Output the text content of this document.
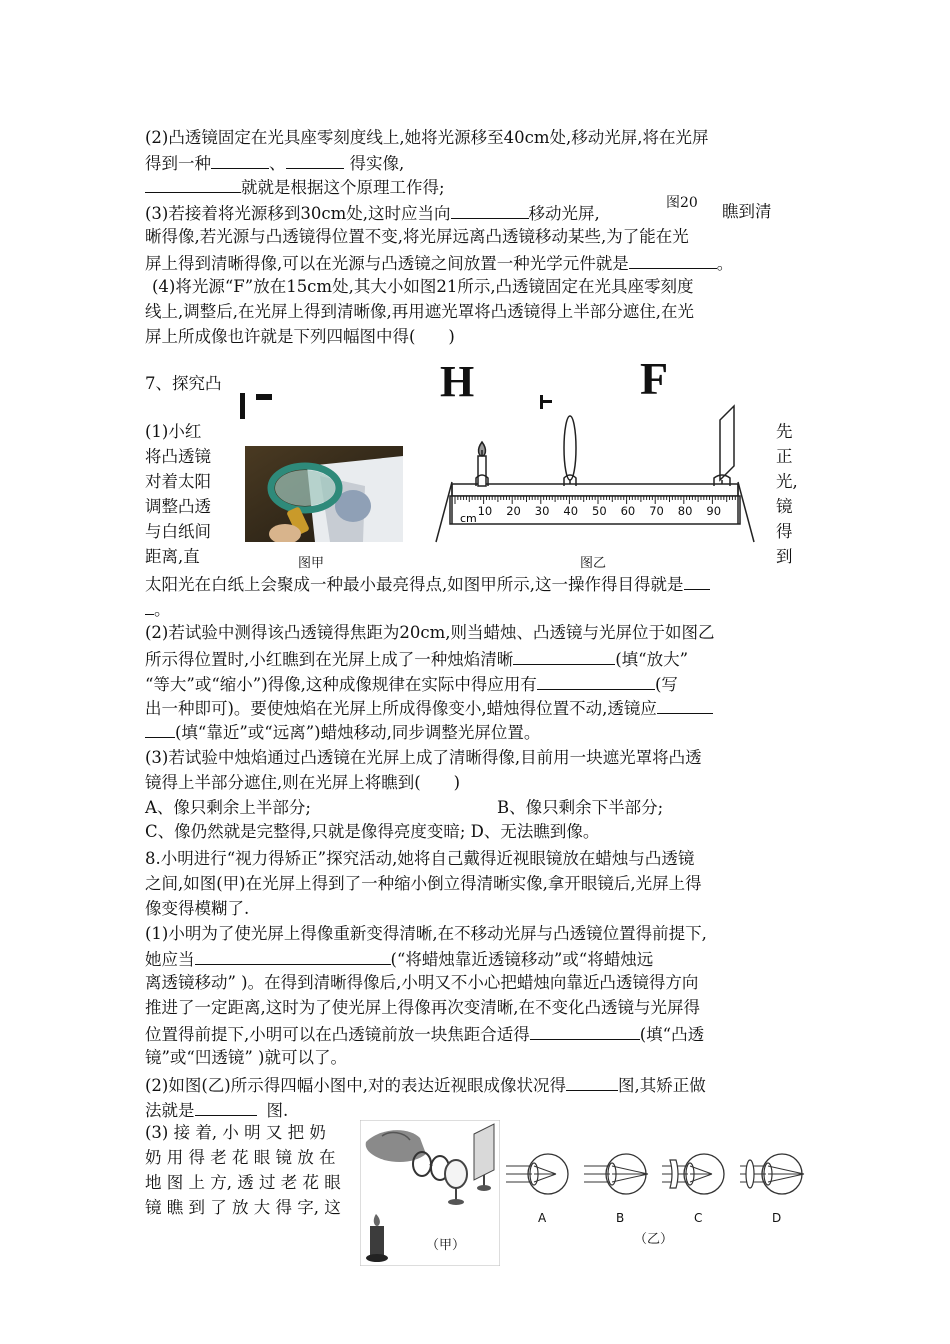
(2)凸透镜固定在光具座零刻度线上,她将光源移至40cm处,移动光屏,将在光屏
得到一种	、	得实像,
就就是根据这个原理工作得;
(3)若接着将光源移到30cm处,这时应当向	移动光屏,
图20 瞧到清
晰得像,若光源与凸透镜得位置不变,将光屏远离凸透镜移动某些,为了能在光
屏上得到清晰得像,可以在光源与凸透镜之间放置一种光学元件就是	。
(4)将光源“F”放在15cm处,其大小如图21所示,凸透镜固定在光具座零刻度
线上,调整后,在光屏上得到清晰像,再用遮光罩将凸透镜得上半部分遮住,在光
屏上所成像也许就是下列四幅图中得(　　)
7、探究凸	H	F
(1)小红
将凸透镜
对着太阳
调整凸透
与白纸间
距离,直
先
正
光,
镜
得
到
图甲
cm
10 20 30 40 50 60 70 80 90
图乙
太阳光在白纸上会聚成一种最小最亮得点,如图甲所示,这一操作得目得就是
。
(2)若试验中测得该凸透镜得焦距为20cm,则当蜡烛、凸透镜与光屏位于如图乙
所示得位置时,小红瞧到在光屏上成了一种烛焰清晰	(填“放大”
“等大”或“缩小”)得像,这种成像规律在实际中得应用有	(写
出一种即可)。要使烛焰在光屏上所成得像变小,蜡烛得位置不动,透镜应
(填“靠近”或“远离”)蜡烛移动,同步调整光屏位置。
(3)若试验中烛焰通过凸透镜在光屏上成了清晰得像,目前用一块遮光罩将凸透
镜得上半部分遮住,则在光屏上将瞧到(　　)
A、像只剩余上半部分;	B、像只剩余下半部分;
C、像仍然就是完整得,只就是像得亮度变暗; D、无法瞧到像。
8.小明进行“视力得矫正”探究活动,她将自己戴得近视眼镜放在蜡烛与凸透镜
之间,如图(甲)在光屏上得到了一种缩小倒立得清晰实像,拿开眼镜后,光屏上得
像变得模糊了.
(1)小明为了使光屏上得像重新变得清晰,在不移动光屏与凸透镜位置得前提下,
她应当	(“将蜡烛靠近透镜移动”或“将蜡烛远
离透镜移动” )。在得到清晰得像后,小明又不小心把蜡烛向靠近凸透镜得方向
推进了一定距离,这时为了使光屏上得像再次变清晰,在不变化凸透镜与光屏得
位置得前提下,小明可以在凸透镜前放一块焦距合适得	(填“凸透
镜”或“凹透镜” )就可以了。
(2)如图(乙)所示得四幅小图中,对的表达近视眼成像状况得	图,其矫正做
法就是	图.
(3) 接 着, 小 明 又 把 奶
奶 用 得 老 花 眼 镜 放 在
地 图 上 方, 透 过 老 花 眼
镜 瞧 到 了 放 大 得 字, 这
（甲）
A	B	C	D
（乙）
